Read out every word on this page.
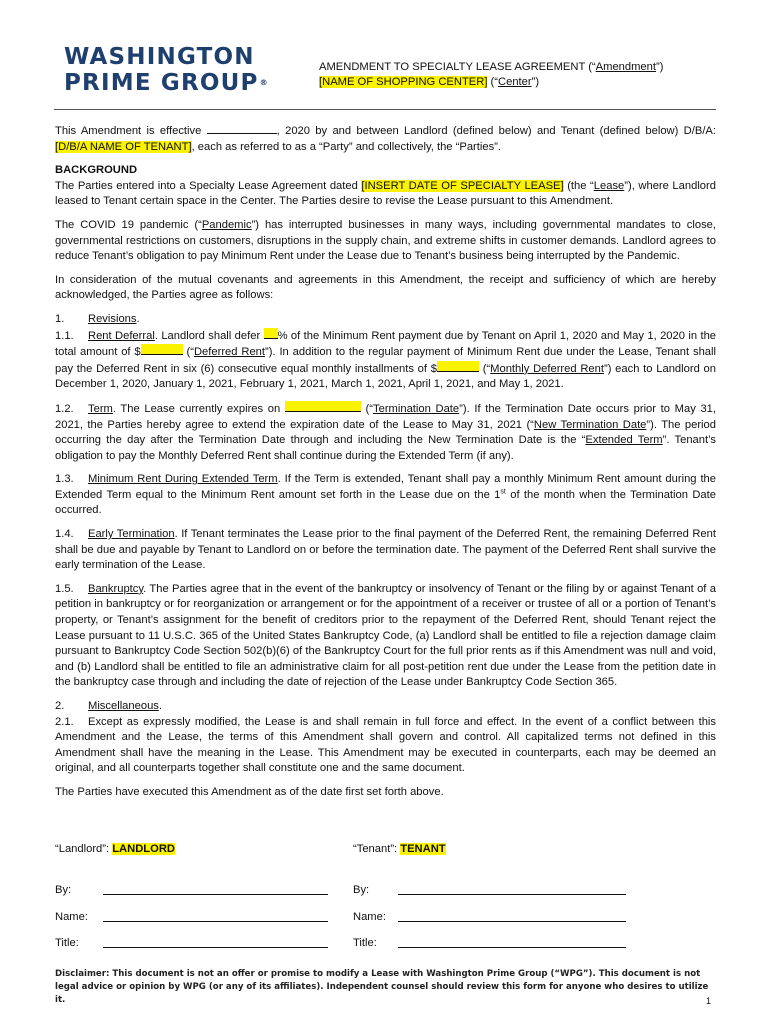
WASHINGTON
PRIME GROUP®
AMENDMENT TO SPECIALTY LEASE AGREEMENT (“Amendment”)
[NAME OF SHOPPING CENTER] (“Center”)

This Amendment is effective	, 2020 by and between Landlord (defined below) and Tenant (defined below) D/B/A: [D/B/A NAME OF TENANT], each as referred to as a “Party” and collectively, the “Parties”.

BACKGROUND

The Parties entered into a Specialty Lease Agreement dated [INSERT DATE OF SPECIALTY LEASE] (the “Lease”), where Landlord leased to Tenant certain space in the Center. The Parties desire to revise the Lease pursuant to this Amendment.

The COVID 19 pandemic (“Pandemic”) has interrupted businesses in many ways, including governmental mandates to close, governmental restrictions on customers, disruptions in the supply chain, and extreme shifts in customer demands. Landlord agrees to reduce Tenant’s obligation to pay Minimum Rent under the Lease due to Tenant’s business being interrupted by the Pandemic.

In consideration of the mutual covenants and agreements in this Amendment, the receipt and sufficiency of which are hereby acknowledged, the Parties agree as follows:

1. Revisions.

1.1. Rent Deferral. Landlord shall defer % of the Minimum Rent payment due by Tenant on April 1, 2020 and May 1, 2020 in the total amount of $	(“Deferred Rent”). In addition to the regular payment of Minimum Rent due under the Lease, Tenant shall pay the Deferred Rent in six (6) consecutive equal monthly installments of $	(“Monthly Deferred Rent”) each to Landlord on December 1, 2020, January 1, 2021, February 1, 2021, March 1, 2021, April 1, 2021, and May 1, 2021.

1.2. Term. The Lease currently expires on	(“Termination Date”). If the Termination Date occurs prior to May 31, 2021, the Parties hereby agree to extend the expiration date of the Lease to May 31, 2021 (“New Termination Date”). The period occurring the day after the Termination Date through and including the New Termination Date is the “Extended Term”. Tenant’s obligation to pay the Monthly Deferred Rent shall continue during the Extended Term (if any).

1.3. Minimum Rent During Extended Term. If the Term is extended, Tenant shall pay a monthly Minimum Rent amount during the Extended Term equal to the Minimum Rent amount set forth in the Lease due on the 1st of the month when the Termination Date occurred.

1.4. Early Termination. If Tenant terminates the Lease prior to the final payment of the Deferred Rent, the remaining Deferred Rent shall be due and payable by Tenant to Landlord on or before the termination date. The payment of the Deferred Rent shall survive the early termination of the Lease.

1.5. Bankruptcy. The Parties agree that in the event of the bankruptcy or insolvency of Tenant or the filing by or against Tenant of a petition in bankruptcy or for reorganization or arrangement or for the appointment of a receiver or trustee of all or a portion of Tenant’s property, or Tenant’s assignment for the benefit of creditors prior to the repayment of the Deferred Rent, should Tenant reject the Lease pursuant to 11 U.S.C. 365 of the United States Bankruptcy Code, (a) Landlord shall be entitled to file a rejection damage claim pursuant to Bankruptcy Code Section 502(b)(6) of the Bankruptcy Court for the full prior rents as if this Amendment was null and void, and (b) Landlord shall be entitled to file an administrative claim for all post-petition rent due under the Lease from the petition date in the bankruptcy case through and including the date of rejection of the Lease under Bankruptcy Code Section 365.

2. Miscellaneous.

2.1. Except as expressly modified, the Lease is and shall remain in full force and effect. In the event of a conflict between this Amendment and the Lease, the terms of this Amendment shall govern and control. All capitalized terms not defined in this Amendment shall have the meaning in the Lease. This Amendment may be executed in counterparts, each may be deemed an original, and all counterparts together shall constitute one and the same document.

The Parties have executed this Amendment as of the date first set forth above.

“Landlord”: LANDLORD	“Tenant”: TENANT
By:	By:
Name:	Name:
Title:	Title:
Disclaimer: This document is not an offer or promise to modify a Lease with Washington Prime Group (“WPG”). This document is not legal advice or opinion by WPG (or any of its affiliates). Independent counsel should review this form for anyone who desires to utilize it.	1
